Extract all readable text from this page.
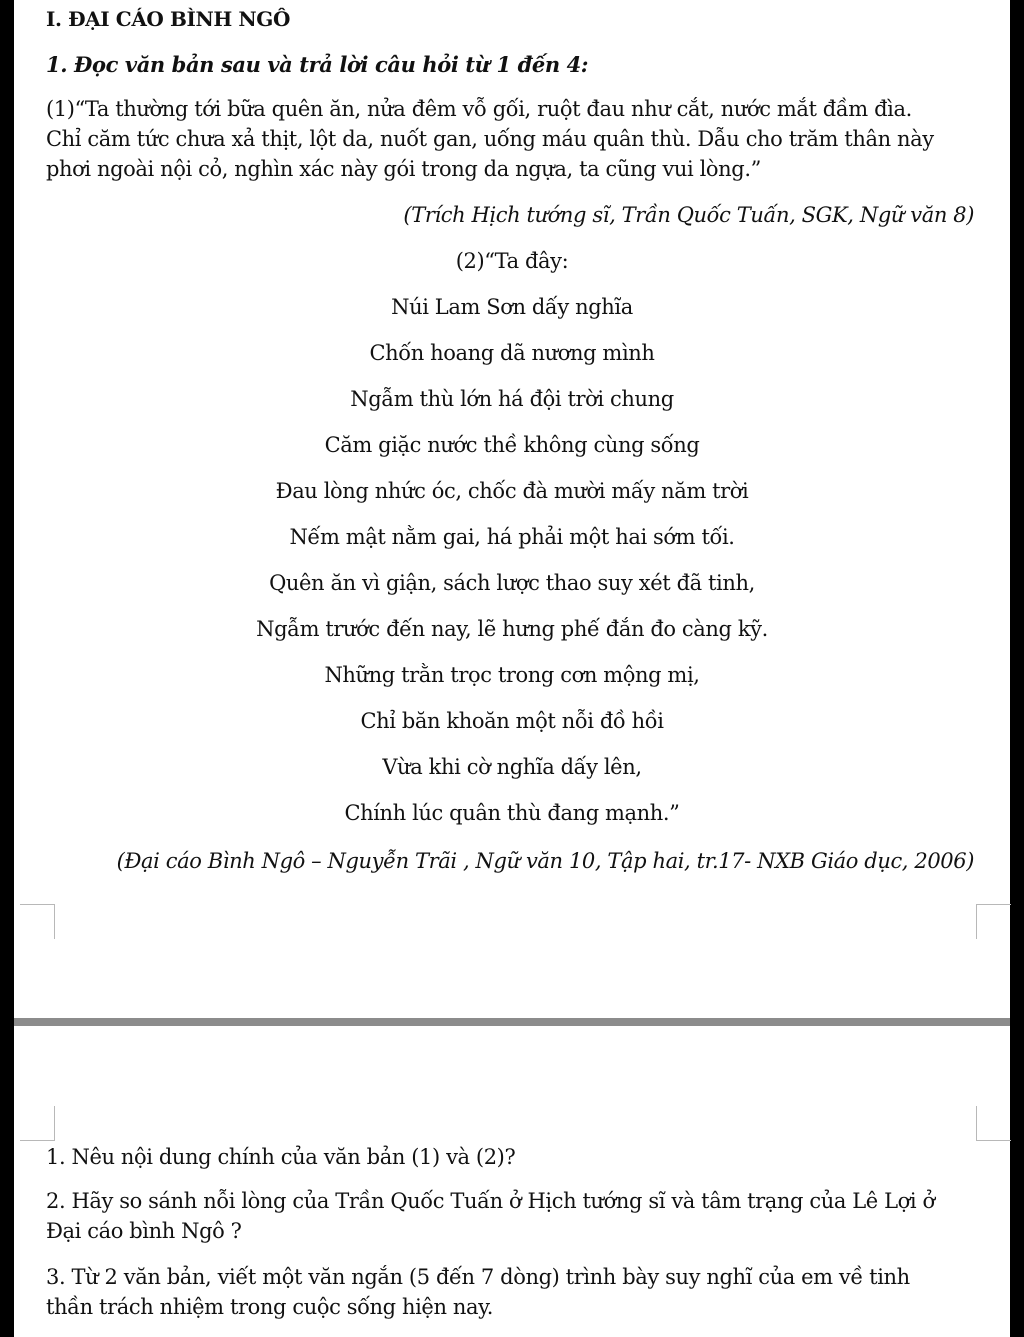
I. ĐẠI CÁO BÌNH NGÔ

1. Đọc văn bản sau và trả lời câu hỏi từ 1 đến 4:

(1)“Ta thường tới bữa quên ăn, nửa đêm vỗ gối, ruột đau như cắt, nước mắt đầm đìa.
Chỉ căm tức chưa xả thịt, lột da, nuốt gan, uống máu quân thù. Dẫu cho trăm thân này
phơi ngoài nội cỏ, nghìn xác này gói trong da ngựa, ta cũng vui lòng.”

(Trích Hịch tướng sĩ, Trần Quốc Tuấn, SGK, Ngữ văn 8)

(2)“Ta đây:

Núi Lam Sơn dấy nghĩa
Chốn hoang dã nương mình
Ngẫm thù lớn há đội trời chung
Căm giặc nước thề không cùng sống
Đau lòng nhức óc, chốc đà mười mấy năm trời
Nếm mật nằm gai, há phải một hai sớm tối.
Quên ăn vì giận, sách lược thao suy xét đã tinh,
Ngẫm trước đến nay, lẽ hưng phế đắn đo càng kỹ.
Những trằn trọc trong cơn mộng mị,
Chỉ băn khoăn một nỗi đồ hồi
Vừa khi cờ nghĩa dấy lên,
Chính lúc quân thù đang mạnh.”

(Đại cáo Bình Ngô – Nguyễn Trãi , Ngữ văn 10, Tập hai, tr.17- NXB Giáo dục, 2006)

1. Nêu nội dung chính của văn bản (1) và (2)?

2. Hãy so sánh nỗi lòng của Trần Quốc Tuấn ở Hịch tướng sĩ và tâm trạng của Lê Lợi ở
Đại cáo bình Ngô ?

3. Từ 2 văn bản, viết một văn ngắn (5 đến 7 dòng) trình bày suy nghĩ của em về tinh
thần trách nhiệm trong cuộc sống hiện nay.
